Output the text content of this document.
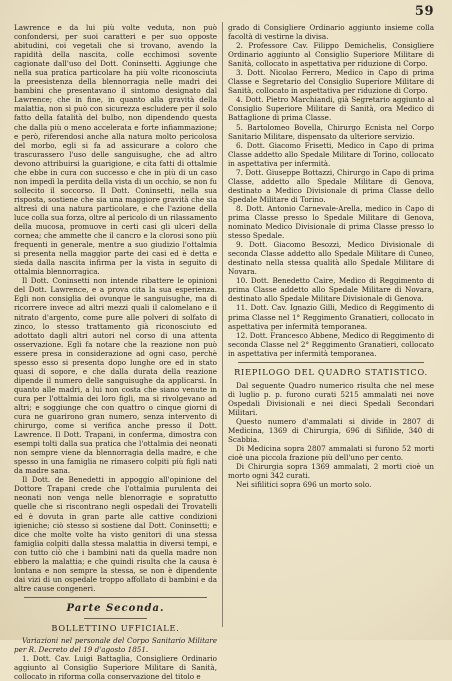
59

Lawrence e da lui più volte veduta, non può confondersi, per suoi caratteri e per suo opposte abitudini, coi vegetali che si trovano, avendo la rapidità della nascita, colle ecchimosi sovente cagionate dall'uso del Dott. Coninsetti. Aggiunge che nella sua pratica particolare ha più volte riconosciuta la preesistenza della blennorragia nelle madri dei bambini che presentavano il sintomo designato dal Lawrence; che in fine, in quanto alla gravità della malattia, non si può con sicurezza escludere per il solo fatto della fatalità del bulbo, non dipendendo questa che dalla più o meno accelerata e forte infiammazione; e però, riferendosi anche alla natura molto pericolosa del morbo, egli si fa ad assicurare a coloro che trascurassero l'uso delle sanguisughe, che ad altro devono attribuirsi la guarigione, e cita fatti di ottalmie che ebbe in cura con successo e che in più di un caso non impedì la perdita della vista di un occhio, se non fu sollecito il soccorso. Il Dott. Coninsetti, nella sua risposta, sostiene che sia una maggiore gravità che sia altresì di una natura particolare, e che l'azione della luce colla sua forza, oltre al pericolo di un rilassamento della mucosa, promuove in certi casi gli ulceri della cornea; che ammette che il cancro e la clorosi sono più frequenti in generale, mentre a suo giudizio l'ottalmia si presenta nella maggior parte dei casi ed è detta e sieda dalla nascita infirma per la vista in seguito di ottalmia blennorragica.

Il Dott. Coninsetti non intende ribattere le opinioni del Dott. Lawrence, e a prova cita la sua esperienza. Egli non consiglia dei ovunque le sanguisughe, ma di ricorrere invece ad altri mezzi quali il calomelano e il nitrato d'argento, come pure alle polveri di solfato di zinco, lo stesso trattamento già riconosciuto ed adottato dagli altri autori nel corso di una attenta osservazione. Egli fa notare che la reazione non può essere presa in considerazione ad ogni caso, perchè spesso esso si presenta dopo lunghe ore ed in stato quasi di sopore, e che dalla durata della reazione dipende il numero delle sanguisughe da applicarsi. In quanto alle madri, a lui non costa che siano venute in cura per l'ottalmia dei loro figli, ma si rivolgevano ad altri; e soggiunge che con quattro o cinque giorni di cura ne guarirono gran numero, senza intervento di chirurgo, come si verifica anche presso il Dott. Lawrence. Il Dott. Trapani, in conferma, dimostra con esempi tolti dalla sua pratica che l'ottalmia dei neonati non sempre viene da blennorragia della madre, e che spesso in una famiglia ne rimasero colpiti più figli nati da madre sana.

Il Dott. de Benedetti in appoggio all'opinione del Dottore Trapani crede che l'ottalmia purulenta dei neonati non venga nelle blenorragie e sopratutto quelle che si riscontrano negli ospedali dei Trovatelli ed è dovuta in gran parte alle cattive condizioni igieniche; ciò stesso si sostiene dal Dott. Coninsetti; e dice che molte volte ha visto genitori di una stessa famiglia colpiti dalla stessa malattia in diversi tempi, e con tutto ciò che i bambini nati da quella madre non ebbero la malattia; e che quindi risulta che la causa è lontana e non sempre la stessa, se non è dipendente dai vizi di un ospedale troppo affollato di bambini e da altre cause congeneri.

Parte Seconda.
BOLLETTINO UFFICIALE.

Variazioni nel personale del Corpo Sanitario Militare per R. Decreto del 19 d'agosto 1851.

1. Dott. Cav. Luigi Battaglia, Consigliere Ordinario aggiunto al Consiglio Superiore Militare di Sanità, collocato in riforma colla conservazione del titolo e

grado di Consigliere Ordinario aggiunto insieme colla facoltà di vestirne la divisa.

2. Professore Cav. Filippo Demichelis, Consigliere Ordinario aggiunto al Consiglio Superiore Militare di Sanità, collocato in aspettativa per riduzione di Corpo.

3. Dott. Nicolao Ferrero, Medico in Capo di prima Classe e Segretario del Consiglio Superiore Militare di Sanità, collocato in aspettativa per riduzione di Corpo.

4. Dott. Pietro Marchiandi, già Segretario aggiunto al Consiglio Superiore Militare di Sanità, ora Medico di Battaglione di prima Classe.

5. Bartolomeo Bovella, Chirurgo Ecnista nel Corpo Sanitario Militare, dispensato da ulteriore servizio.

6. Dott. Giacomo Frisetti, Medico in Capo di prima Classe addetto allo Spedale Militare di Torino, collocato in aspettativa per infermità.

7. Dott. Giuseppe Bottazzi, Chirurgo in Capo di prima Classe, addetto allo Spedale Militare di Genova, destinato a Medico Divisionale di prima Classe dello Spedale Militare di Torino.

8. Dott. Antonio Carnevale-Arella, medico in Capo di prima Classe presso lo Spedale Militare di Genova, nominato Medico Divisionale di prima Classe presso lo stesso Spedale.

9. Dott. Giacomo Besozzi, Medico Divisionale di seconda Classe addetto allo Spedale Militare di Cuneo, destinato nella stessa qualità allo Spedale Militare di Novara.

10. Dott. Benedetto Caire, Medico di Reggimento di prima Classe addetto allo Spedale Militare di Novara, destinato allo Spedale Militare Divisionale di Genova.

11. Dott. Cav. Ignazio Gilli, Medico di Reggimento di prima Classe nel 1° Reggimento Granatieri, collocato in aspettativa per infermità temporanea.

12. Dott. Francesco Abbene, Medico di Reggimento di seconda Classe nel 2° Reggimento Granatieri, collocato in aspettativa per infermità temporanea.

RIEPILOGO DEL QUADRO STATISTICO.

Dal seguente Quadro numerico risulta che nel mese di luglio p. p. furono curati 5215 ammalati nei nove Ospedali Divisionali e nei dieci Spedali Secondari Militari.

Questo numero d'ammalati si divide in 2807 di Medicina, 1369 di Chirurgia, 696 di Sifilide, 340 di Scabbia.

Di Medicina sopra 2807 ammalati si furono 52 morti cioè una piccola frazione più dell'uno per cento.

Di Chirurgia sopra 1369 ammalati, 2 morti cioè un morto ogni 342 curati.

Nei sifilitici sopra 696 un morto solo.
